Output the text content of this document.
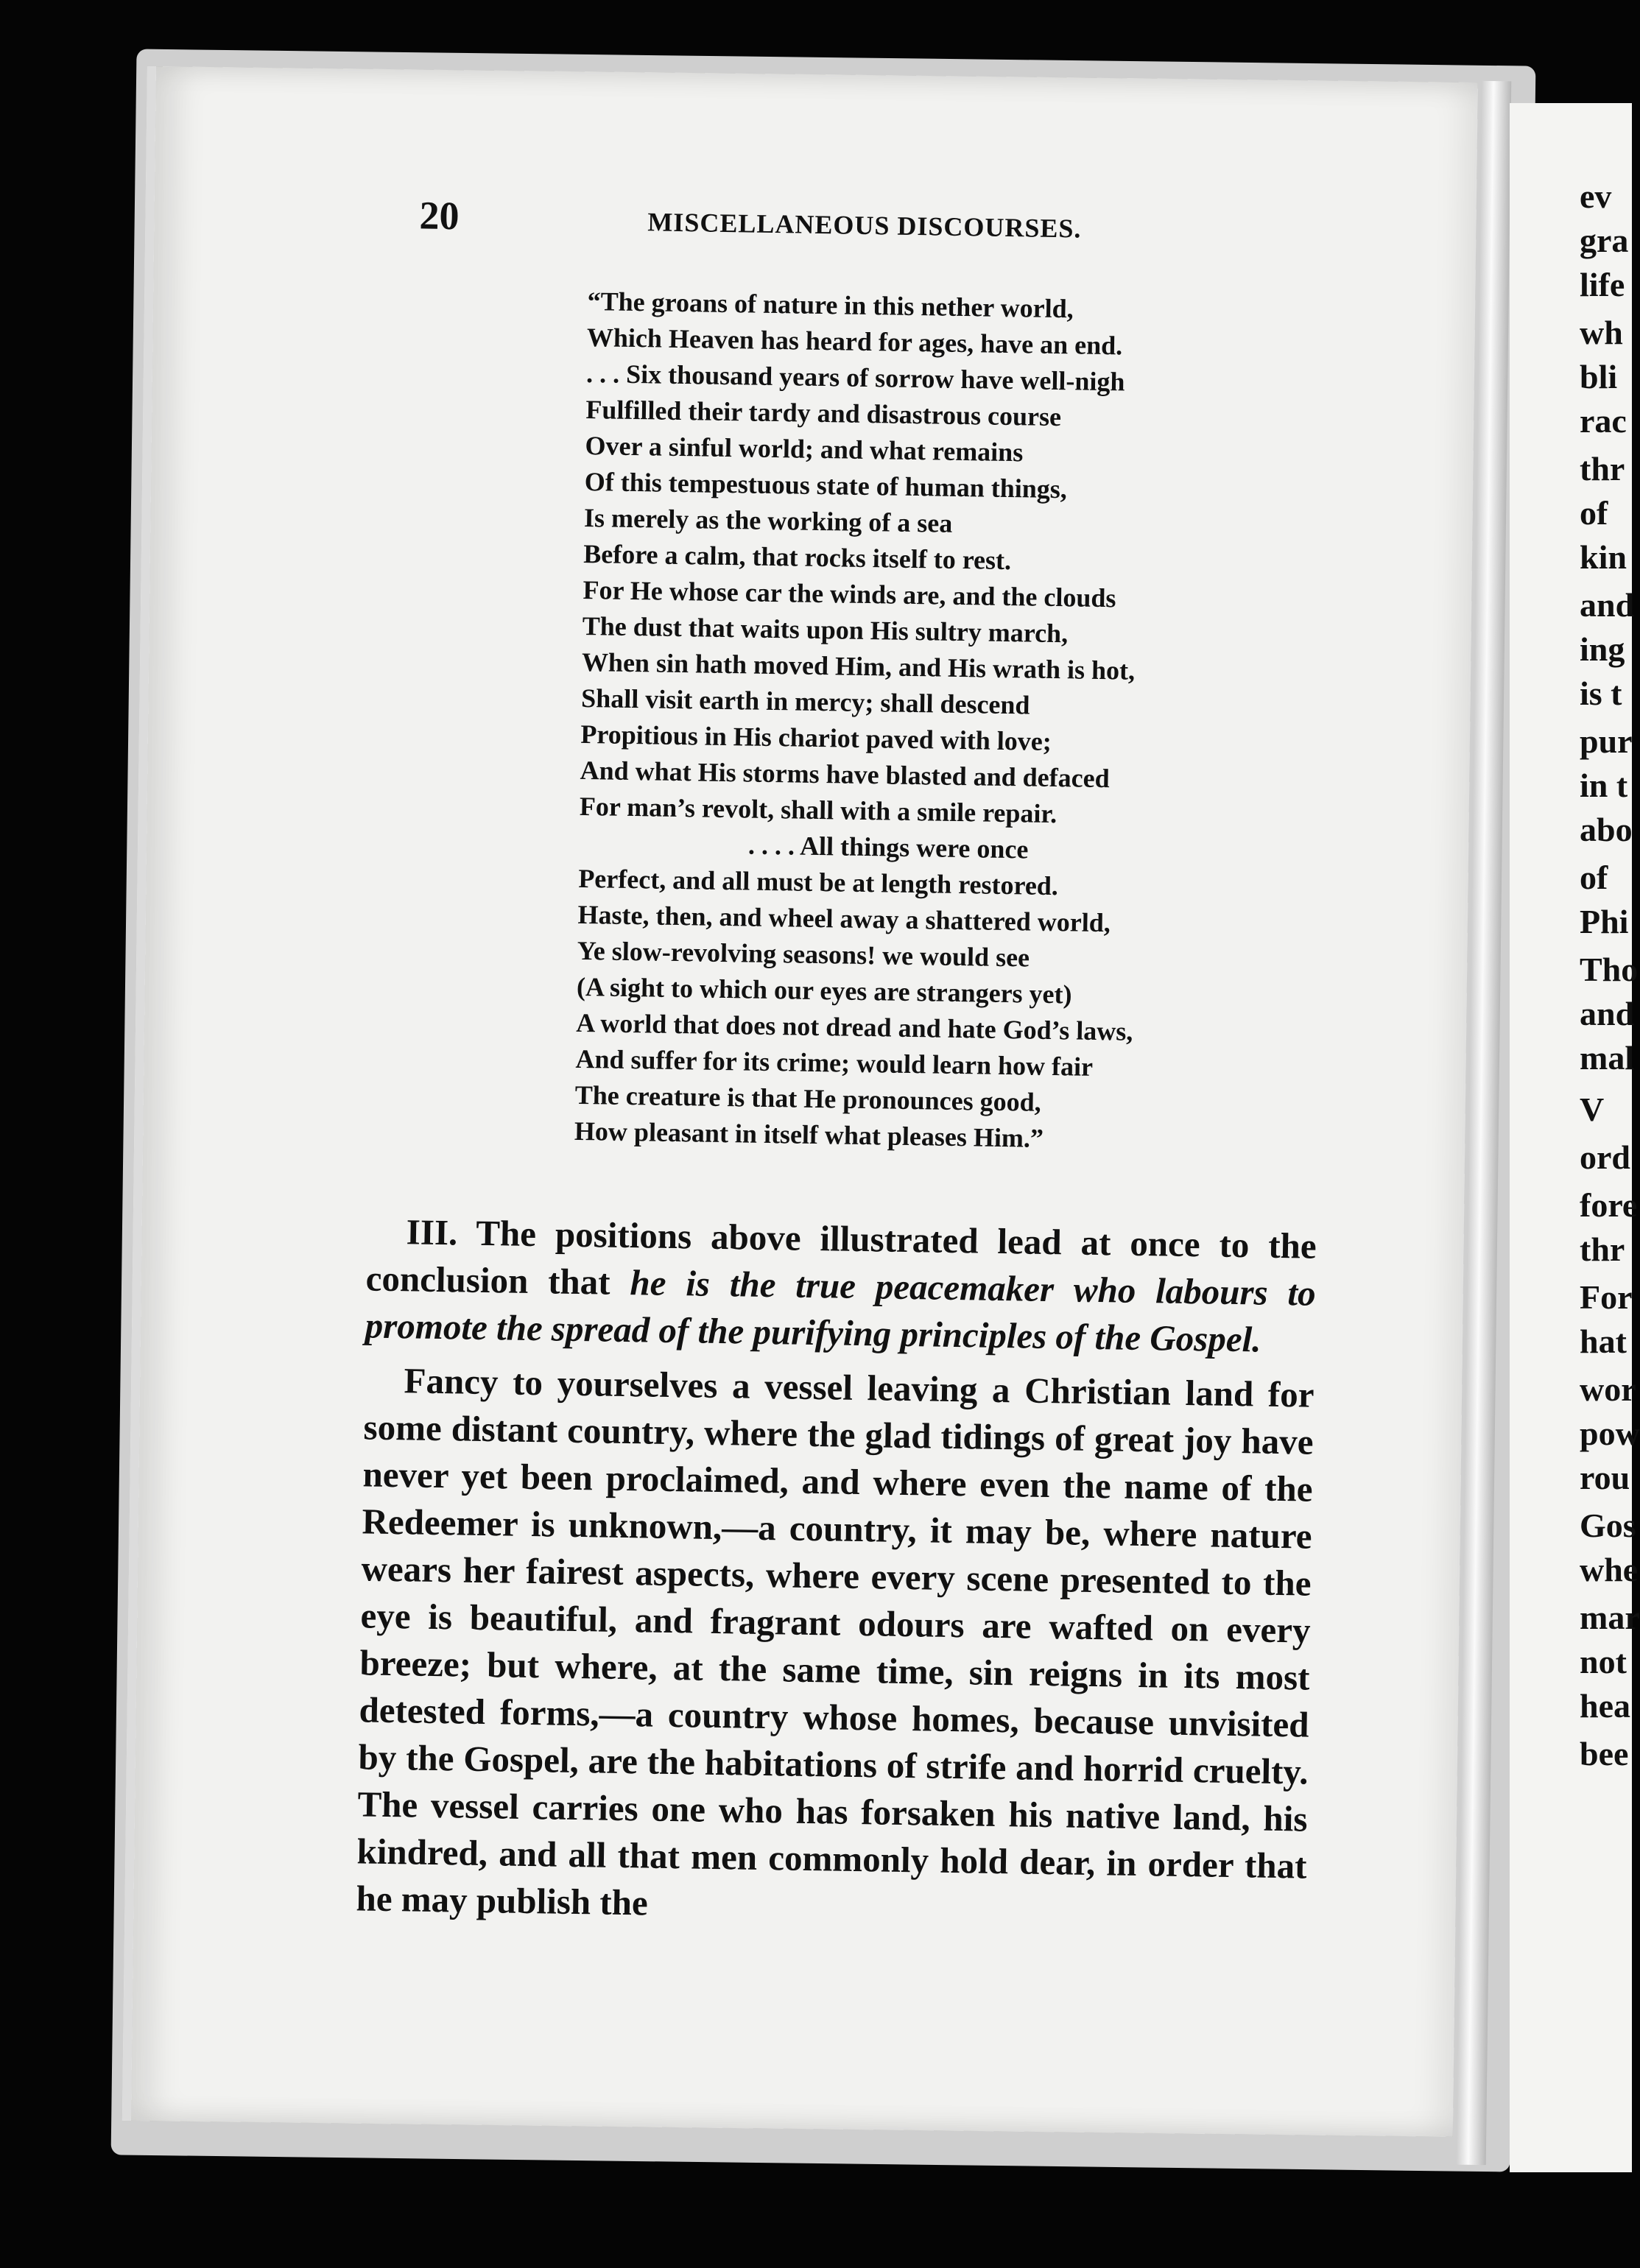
ev
gra
life
wh
bli
rac
thr
of
kin
and
ing
is t
pur
in t
abo
of
Phi
Tho
and
mal
V
ord
fore
thr
For
hat
wor
pow
rou
Gos
whe
mar
not
hea
bee
20	MISCELLANEOUS DISCOURSES.
“The groans of nature in this nether world,
Which Heaven has heard for ages, have an end.
. . . Six thousand years of sorrow have well-nigh
Fulfilled their tardy and disastrous course
Over a sinful world; and what remains
Of this tempestuous state of human things,
Is merely as the working of a sea
Before a calm, that rocks itself to rest.
For He whose car the winds are, and the clouds
The dust that waits upon His sultry march,
When sin hath moved Him, and His wrath is hot,
Shall visit earth in mercy; shall descend
Propitious in His chariot paved with love;
And what His storms have blasted and defaced
For man’s revolt, shall with a smile repair.
. . . . All things were once
Perfect, and all must be at length restored.
Haste, then, and wheel away a shattered world,
Ye slow-revolving seasons! we would see
(A sight to which our eyes are strangers yet)
A world that does not dread and hate God’s laws,
And suffer for its crime; would learn how fair
The creature is that He pronounces good,
How pleasant in itself what pleases Him.”

III. The positions above illustrated lead at once to the conclusion that he is the true peacemaker who labours to promote the spread of the purifying principles of the Gospel.

Fancy to yourselves a vessel leaving a Christian land for some distant country, where the glad tidings of great joy have never yet been proclaimed, and where even the name of the Redeemer is unknown,—a country, it may be, where nature wears her fairest aspects, where every scene presented to the eye is beautiful, and fragrant odours are wafted on every breeze; but where, at the same time, sin reigns in its most detested forms,—a country whose homes, because unvisited by the Gospel, are the habitations of strife and horrid cruelty. The vessel carries one who has forsaken his native land, his kindred, and all that men commonly hold dear, in order that he may publish the
